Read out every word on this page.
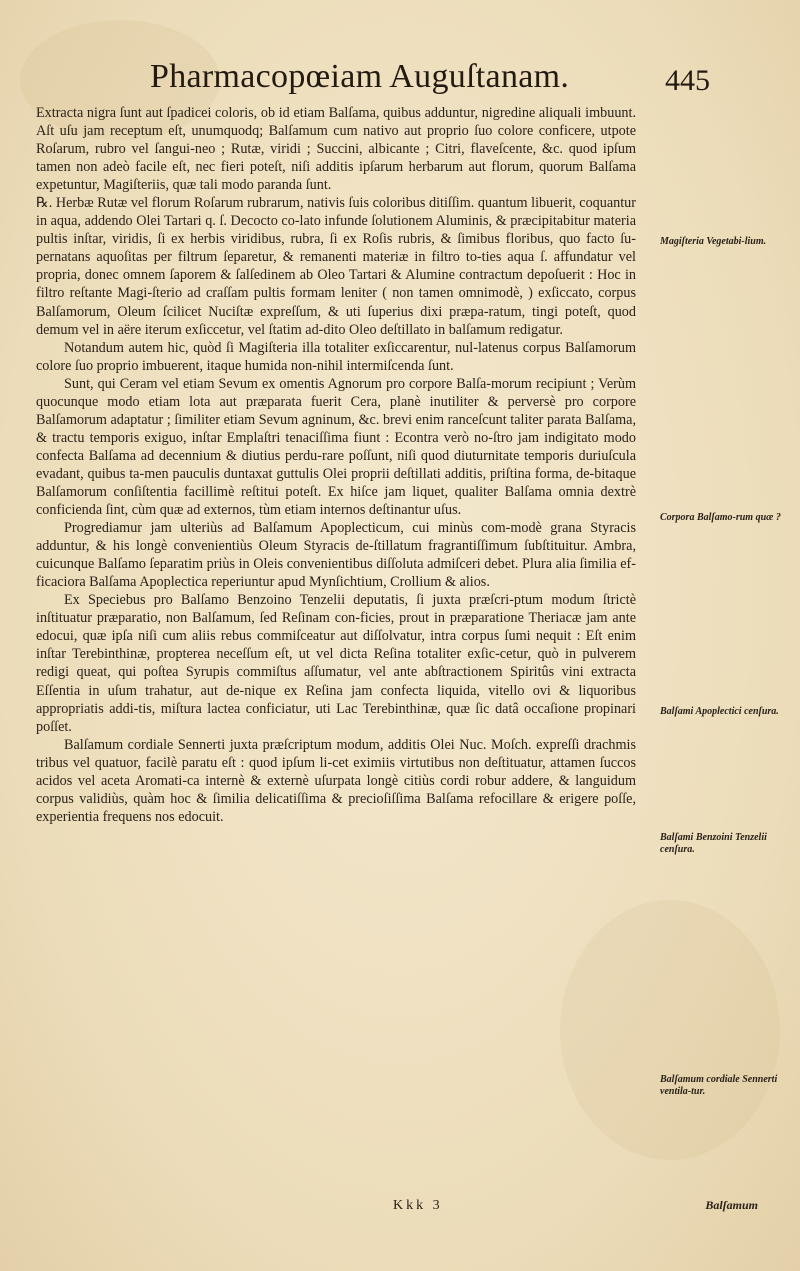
Pharmacopœiam Auguſtanam.	445

Extracta nigra ſunt aut ſpadicei coloris, ob id etiam Balſama, quibus adduntur, nigredine aliquali imbuunt. Aſt uſu jam receptum eſt, unumquodq; Balſamum cum nativo aut proprio ſuo colore conficere, utpote Roſarum, rubro vel ſangui-neo ; Rutæ, viridi ; Succini, albicante ; Citri, flaveſcente, &c. quod ipſum tamen non adeò facile eſt, nec fieri poteſt, niſi additis ipſarum herbarum aut florum, quorum Balſama expetuntur, Magiſteriis, quæ tali modo paranda ſunt.

℞. Herbæ Rutæ vel florum Roſarum rubrarum, nativis ſuis coloribus ditiſſim. quantum libuerit, coquantur in aqua, addendo Olei Tartari q. ſ. Decocto co-lato infunde ſolutionem Aluminis, & præcipitabitur materia pultis inſtar, viridis, ſi ex herbis viridibus, rubra, ſi ex Roſis rubris, & ſimibus floribus, quo facto ſu-pernatans aquoſitas per filtrum ſeparetur, & remanenti materiæ in filtro to-ties aqua ſ. affundatur vel propria, donec omnem ſaporem & ſalſedinem ab Oleo Tartari & Alumine contractum depoſuerit : Hoc in filtro reſtante Magi-ſterio ad craſſam pultis formam leniter ( non tamen omnimodè, ) exſiccato, corpus Balſamorum, Oleum ſcilicet Nuciſtæ expreſſum, & uti ſuperius dixi præpa-ratum, tingi poteſt, quod demum vel in aëre iterum exſiccetur, vel ſtatim ad-dito Oleo deſtillato in balſamum redigatur.

Notandum autem hic, quòd ſi Magiſteria illa totaliter exſiccarentur, nul-latenus corpus Balſamorum colore ſuo proprio imbuerent, itaque humida non-nihil intermiſcenda ſunt.

Sunt, qui Ceram vel etiam Sevum ex omentis Agnorum pro corpore Balſa-morum recipiunt ; Verùm quocunque modo etiam lota aut præparata fuerit Cera, planè inutiliter & perversè pro corpore Balſamorum adaptatur ; ſimiliter etiam Sevum agninum, &c. brevi enim ranceſcunt taliter parata Balſama, & tractu temporis exiguo, inſtar Emplaſtri tenaciſſima fiunt : Econtra verò no-ſtro jam indigitato modo confecta Balſama ad decennium & diutius perdu-rare poſſunt, niſi quod diuturnitate temporis duriuſcula evadant, quibus ta-men pauculis duntaxat guttulis Olei proprii deſtillati additis, priſtina forma, de-bitaque Balſamorum conſiſtentia facillimè reſtitui poteſt. Ex hiſce jam liquet, qualiter Balſama omnia dextrè conficienda ſint, cùm quæ ad externos, tùm etiam internos deſtinantur uſus.

Progrediamur jam ulteriùs ad Balſamum Apoplecticum, cui minùs com-modè grana Styracis adduntur, & his longè convenientiùs Oleum Styracis de-ſtillatum fragrantiſſimum ſubſtituitur. Ambra, cuicunque Balſamo ſeparatim priùs in Oleis convenientibus diſſoluta admiſceri debet. Plura alia ſimilia ef-ficaciora Balſama Apoplectica reperiuntur apud Mynſichtium, Crollium & alios.

Ex Speciebus pro Balſamo Benzoino Tenzelii deputatis, ſi juxta præſcri-ptum modum ſtrictè inſtituatur præparatio, non Balſamum, ſed Reſinam con-ficies, prout in præparatione Theriacæ jam ante edocui, quæ ipſa niſi cum aliis rebus commiſceatur aut diſſolvatur, intra corpus ſumi nequit : Eſt enim inſtar Terebinthinæ, propterea neceſſum eſt, ut vel dicta Reſina totaliter exſic-cetur, quò in pulverem redigi queat, qui poſtea Syrupis commiſtus aſſumatur, vel ante abſtractionem Spiritûs vini extracta Eſſentia in uſum trahatur, aut de-nique ex Reſina jam confecta liquida, vitello ovi & liquoribus appropriatis addi-tis, miſtura lactea conficiatur, uti Lac Terebinthinæ, quæ ſic datâ occaſione propinari poſſet.

Balſamum cordiale Sennerti juxta præſcriptum modum, additis Olei Nuc. Moſch. expreſſi drachmis tribus vel quatuor, facilè paratu eſt : quod ipſum li-cet eximiis virtutibus non deſtituatur, attamen ſuccos acidos vel aceta Aromati-ca internè & externè uſurpata longè citiùs cordi robur addere, & languidum corpus validiùs, quàm hoc & ſimilia delicatiſſima & precioſiſſima Balſama refocillare & erigere poſſe, experientia frequens nos edocuit.

Magiſteria Vegetabi-lium.
Corpora Balſamo-rum quæ ?
Balſami Apoplectici cenſura.
Balſami Benzoini Tenzelii cenſura.
Balſamum cordiale Sennerti ventila-tur.
Kkk 3	Balſamum
